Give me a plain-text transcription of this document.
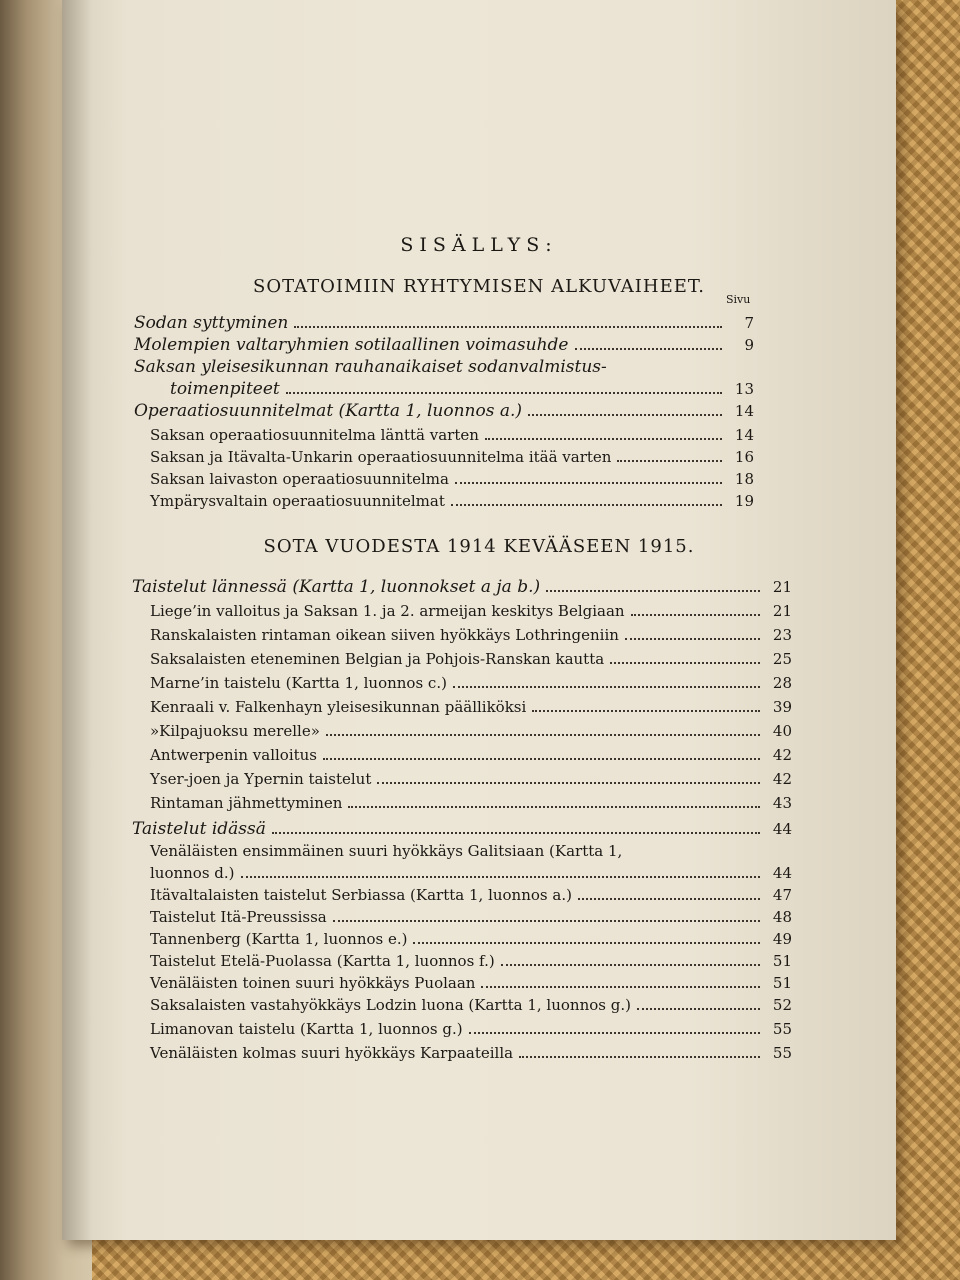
SISÄLLYS:
SOTATOIMIIN RYHTYMISEN ALKUVAIHEET.
Sivu
Sodan syttyminen	7
Molempien valtaryhmien sotilaallinen voimasuhde	9
Saksan yleisesikunnan rauhanaikaiset sodanvalmistus-
toimenpiteet	13
Operaatiosuunnitelmat (Kartta 1, luonnos a.)	14
Saksan operaatiosuunnitelma länttä varten	14
Saksan ja Itävalta-Unkarin operaatiosuunnitelma itää varten	16
Saksan laivaston operaatiosuunnitelma	18
Ympärysvaltain operaatiosuunnitelmat	19
SOTA VUODESTA 1914 KEVÄÄSEEN 1915.
Taistelut lännessä (Kartta 1, luonnokset a ja b.)	21
Liege’in valloitus ja Saksan 1. ja 2. armeijan keskitys Belgiaan	21
Ranskalaisten rintaman oikean siiven hyökkäys Lothringeniin	23
Saksalaisten eteneminen Belgian ja Pohjois-Ranskan kautta	25
Marne’in taistelu (Kartta 1, luonnos c.)	28
Kenraali v. Falkenhayn yleisesikunnan päälliköksi	39
»Kilpajuoksu merelle»	40
Antwerpenin valloitus	42
Yser-joen ja Ypernin taistelut	42
Rintaman jähmettyminen	43
Taistelut idässä	44
Venäläisten ensimmäinen suuri hyökkäys Galitsiaan (Kartta 1,
luonnos d.)	44
Itävaltalaisten taistelut Serbiassa (Kartta 1, luonnos a.)	47
Taistelut Itä-Preussissa	48
Tannenberg (Kartta 1, luonnos e.)	49
Taistelut Etelä-Puolassa (Kartta 1, luonnos f.)	51
Venäläisten toinen suuri hyökkäys Puolaan	51
Saksalaisten vastahyökkäys Lodzin luona (Kartta 1, luonnos g.)	52
Limanovan taistelu (Kartta 1, luonnos g.)	55
Venäläisten kolmas suuri hyökkäys Karpaateilla	55
